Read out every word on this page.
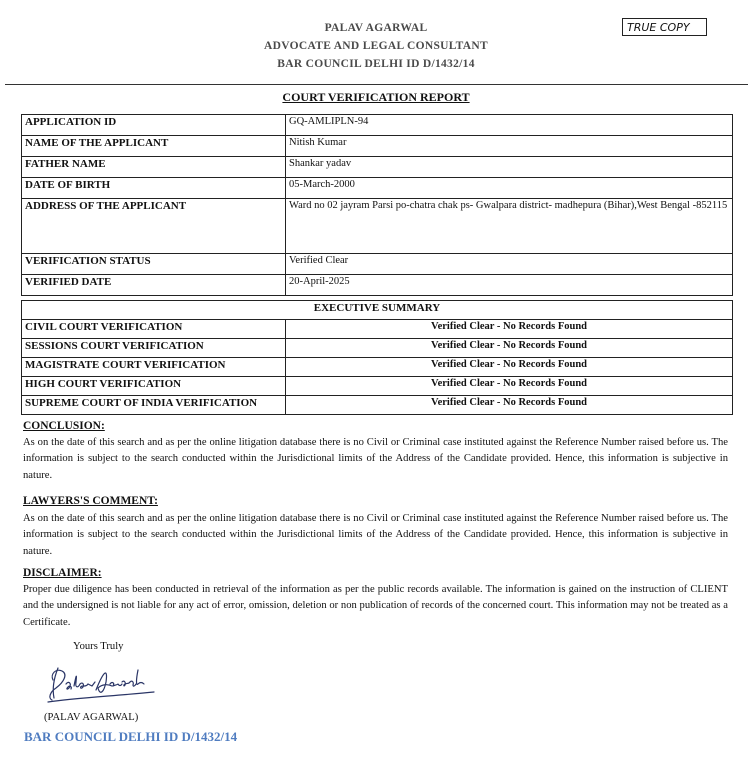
PALAV AGARWAL
ADVOCATE AND LEGAL CONSULTANT
BAR COUNCIL DELHI ID D/1432/14
TRUE COPY
COURT VERIFICATION REPORT
APPLICATION ID	GQ-AMLIPLN-94
NAME OF THE APPLICANT	Nitish Kumar
FATHER NAME	Shankar yadav
DATE OF BIRTH	05-March-2000
ADDRESS OF THE APPLICANT	Ward no 02 jayram Parsi po-chatra chak ps- Gwalpara district- madhepura (Bihar),West Bengal -852115
VERIFICATION STATUS	Verified Clear
VERIFIED DATE	20-April-2025
EXECUTIVE SUMMARY	
CIVIL COURT VERIFICATION	Verified Clear - No Records Found
SESSIONS COURT VERIFICATION	Verified Clear - No Records Found
MAGISTRATE COURT VERIFICATION	Verified Clear - No Records Found
HIGH COURT VERIFICATION	Verified Clear - No Records Found
SUPREME COURT OF INDIA VERIFICATION	Verified Clear - No Records Found
CONCLUSION:
As on the date of this search and as per the online litigation database there is no Civil or Criminal case instituted against the Reference Number raised before us. The information is subject to the search conducted within the Jurisdictional limits of the Address of the Candidate provided. Hence, this information is subjective in nature.
LAWYERS'S COMMENT:
As on the date of this search and as per the online litigation database there is no Civil or Criminal case instituted against the Reference Number raised before us. The information is subject to the search conducted within the Jurisdictional limits of the Address of the Candidate provided. Hence, this information is subjective in nature.
DISCLAIMER:
Proper due diligence has been conducted in retrieval of the information as per the public records available. The information is gained on the instruction of CLIENT and the undersigned is not liable for any act of error, omission, deletion or non publication of records of the concerned court. This information may not be treated as a Certificate.
Yours Truly
Palav Agarwal
(PALAV AGARWAL)
BAR COUNCIL DELHI ID D/1432/14
